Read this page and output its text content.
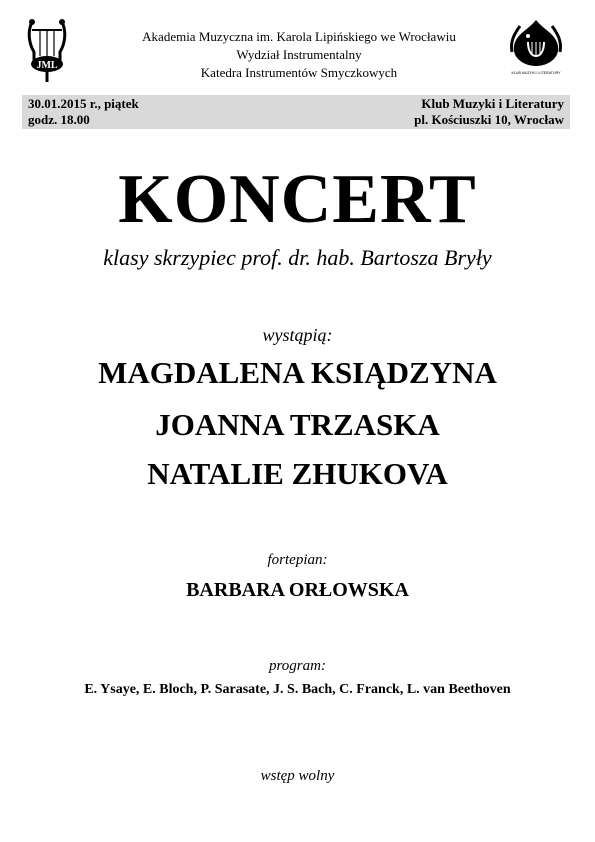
JML
Akademia Muzyczna im. Karola Lipińskiego we Wrocławiu
Wydział Instrumentalny
Katedra Instrumentów Smyczkowych	KLUB MUZYKI I LITERATURY
30.01.2015 r., piątek
godz. 18.00
Klub Muzyki i Literatury
pl. Kościuszki 10, Wrocław
KONCERT
klasy skrzypiec prof. dr. hab. Bartosza Bryły
wystąpią:
MAGDALENA KSIĄDZYNA
JOANNA TRZASKA
NATALIE ZHUKOVA
fortepian:
BARBARA ORŁOWSKA
program:
E. Ysaye, E. Bloch, P. Sarasate, J. S. Bach, C. Franck, L. van Beethoven
wstęp wolny
